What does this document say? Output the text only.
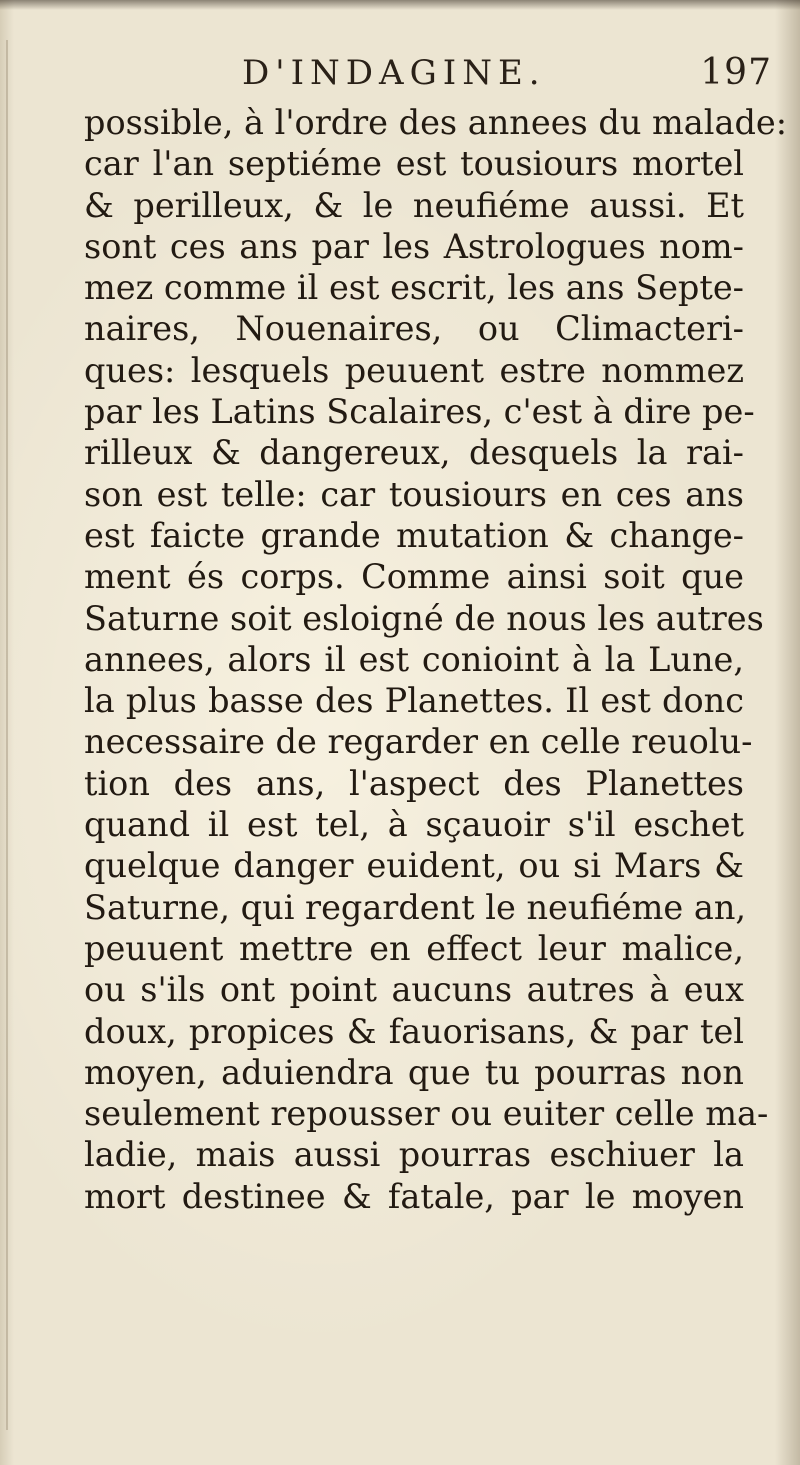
D'INDAGINE.	197
possible, à l'ordre des annees du malade:
car l'an septiéme est tousiours mortel
& perilleux, & le neufiéme aussi. Et
sont ces ans par les Astrologues nom-
mez comme il est escrit, les ans Septe-
naires, Nouenaires, ou Climacteri-
ques: lesquels peuuent estre nommez
par les Latins Scalaires, c'est à dire pe-
rilleux & dangereux, desquels la rai-
son est telle: car tousiours en ces ans
est faicte grande mutation & change-
ment és corps. Comme ainsi soit que
Saturne soit esloigné de nous les autres
annees, alors il est conioint à la Lune,
la plus basse des Planettes. Il est donc
necessaire de regarder en celle reuolu-
tion des ans, l'aspect des Planettes
quand il est tel, à sçauoir s'il eschet
quelque danger euident, ou si Mars &
Saturne, qui regardent le neufiéme an,
peuuent mettre en effect leur malice,
ou s'ils ont point aucuns autres à eux
doux, propices & fauorisans, & par tel
moyen, aduiendra que tu pourras non
seulement repousser ou euiter celle ma-
ladie, mais aussi pourras eschiuer la
mort destinee & fatale, par le moyen
